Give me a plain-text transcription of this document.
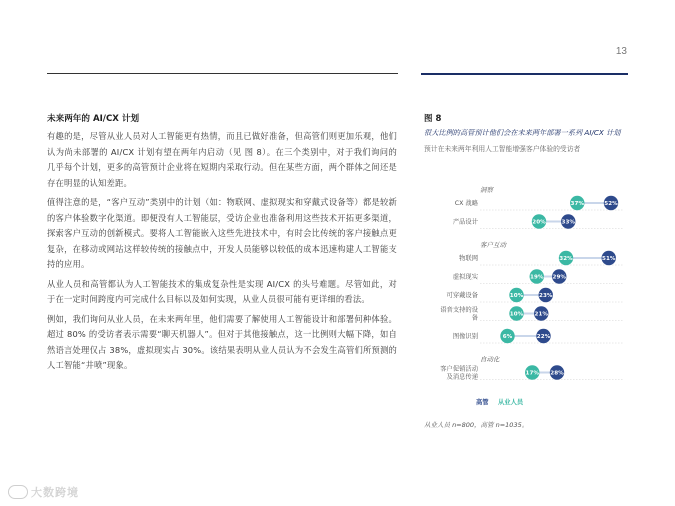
13
未来两年的 AI/CX 计划

有趣的是，尽管从业人员对人工智能更有热情，而且已做好准备，但高管们则更加乐观，他们认为尚未部署的 AI/CX 计划有望在两年内启动（见 图 8）。在三个类别中，对于我们询问的几乎每个计划，更多的高管预计企业将在短期内采取行动。但在某些方面，两个群体之间还是存在明显的认知差距。

值得注意的是，“客户互动”类别中的计划（如：物联网、虚拟现实和穿戴式设备等）都是较新的客户体验数字化渠道。即便没有人工智能层，受访企业也准备利用这些技术开拓更多渠道，探索客户互动的创新模式。要将人工智能嵌入这些先进技术中，有时会比传统的客户接触点更复杂，在移动或网站这样较传统的接触点中，开发人员能够以较低的成本迅速构建人工智能支持的应用。

从业人员和高管都认为人工智能技术的集成复杂性是实现 AI/CX 的头号难题。尽管如此，对于在一定时间跨度内可完成什么目标以及如何实现，从业人员很可能有更详细的看法。

例如，我们询问从业人员，在未来两年里，他们需要了解使用人工智能设计和部署何种体验。超过 80% 的受访者表示需要“聊天机器人”。但对于其他接触点，这一比例则大幅下降，如自然语言处理仅占 38%，虚拟现实占 30%。该结果表明从业人员认为不会发生高管们所预测的人工智能“井喷”现象。

图 8
很大比例的高管预计他们会在未来两年部署一系列 AI/CX 计划
预计在未来两年利用人工智能增强客户体验的受访者
洞察
CX 战略	37%	52%
产品设计	20%	33%
客户互动
物联网	32%	51%
虚拟现实	19% 29%
可穿戴设备	10%	23%
语音支持的设
备	10% 21%
图像识别	6%	22%
自动化
客户促销活动
及消息传递	17% 28%
高管 从业人员
从业人员 n=800，高管 n=1035。
大数跨境
